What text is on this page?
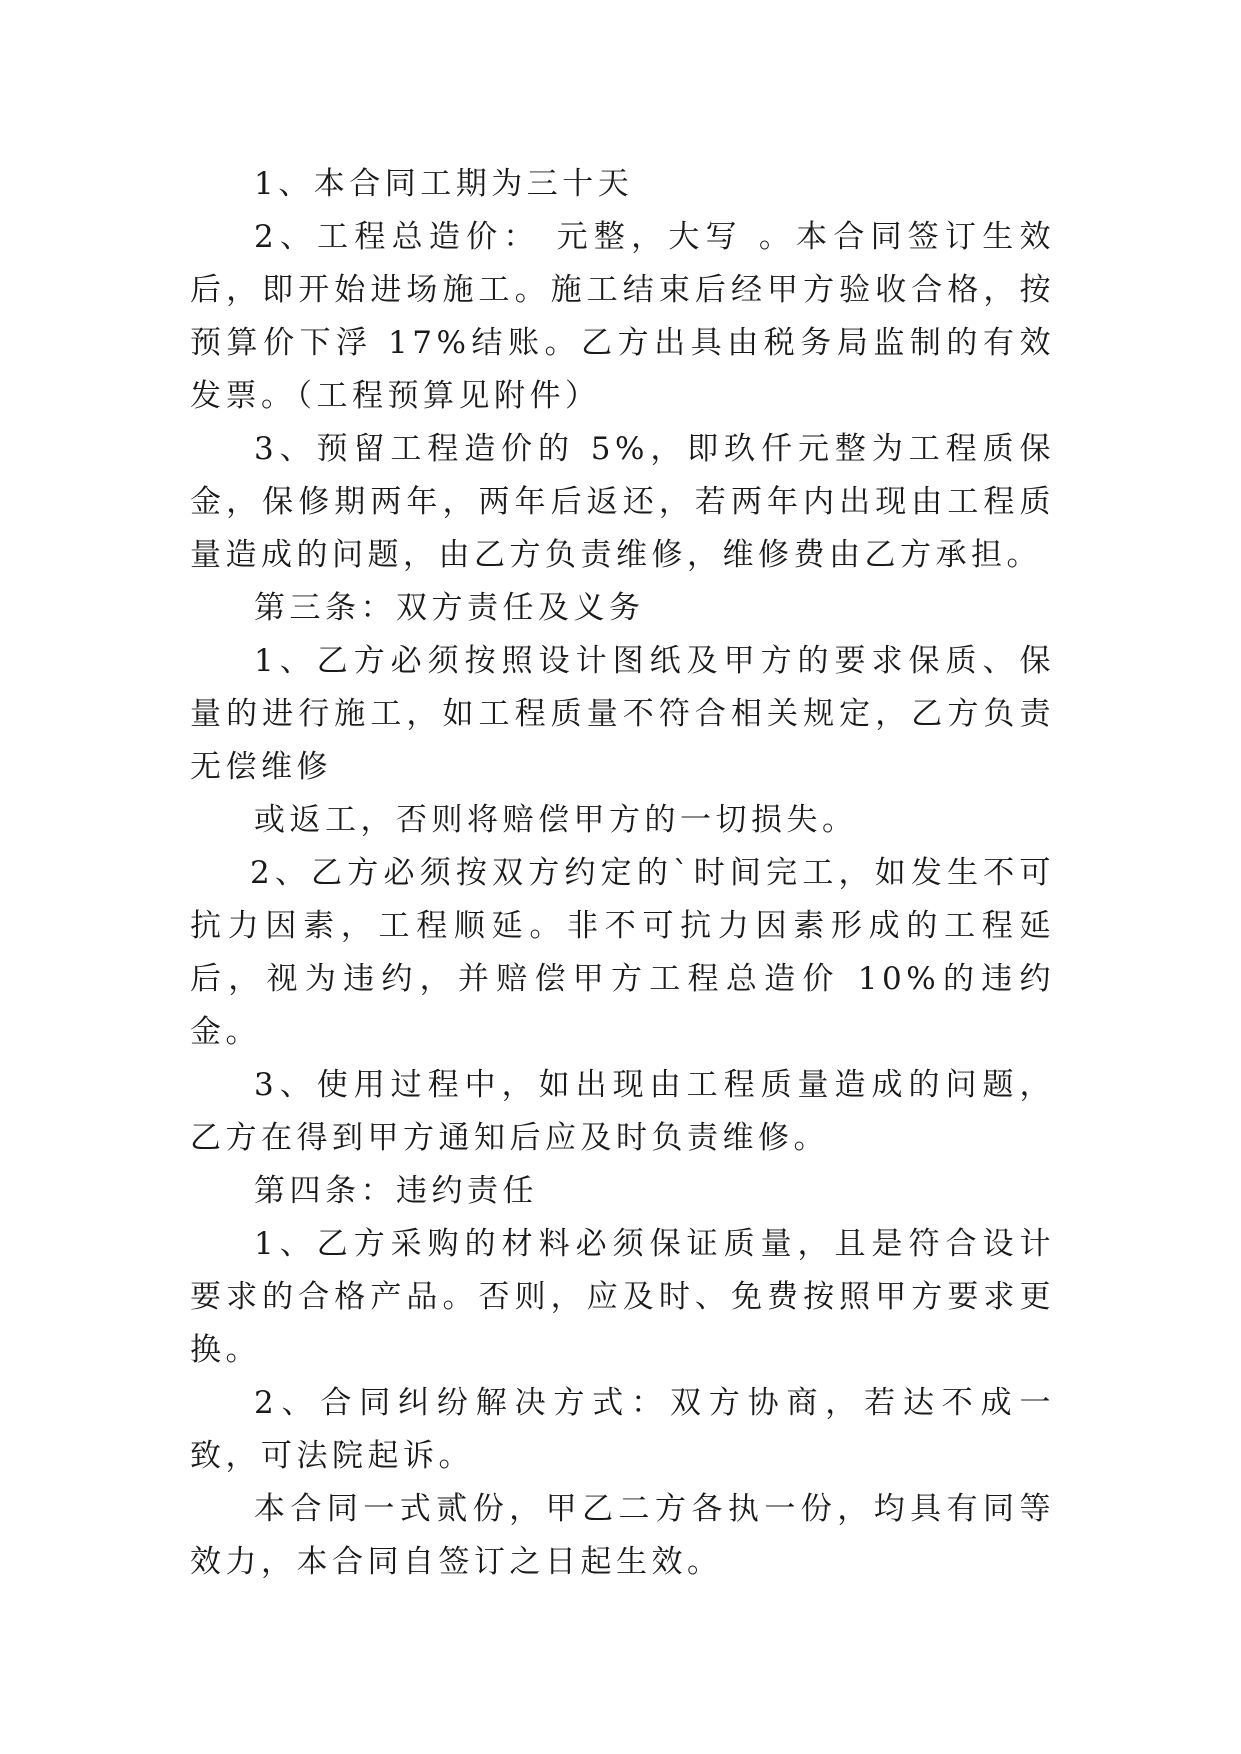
1、本合同工期为三十天

2、工程总造价： 元整，大写 。本合同签订生效后，即开始进场施工。施工结束后经甲方验收合格，按预算价下浮 17%结账。乙方出具由税务局监制的有效发票。（工程预算见附件）

3、预留工程造价的 5%，即玖仟元整为工程质保金，保修期两年，两年后返还，若两年内出现由工程质量造成的问题，由乙方负责维修，维修费由乙方承担。

第三条：双方责任及义务

1、乙方必须按照设计图纸及甲方的要求保质、保量的进行施工，如工程质量不符合相关规定，乙方负责无偿维修

或返工，否则将赔偿甲方的一切损失。

2、乙方必须按双方约定的`时间完工，如发生不可抗力因素，工程顺延。非不可抗力因素形成的工程延后，视为违约，并赔偿甲方工程总造价 10%的违约金。

3、使用过程中，如出现由工程质量造成的问题，乙方在得到甲方通知后应及时负责维修。

第四条：违约责任

1、乙方采购的材料必须保证质量，且是符合设计要求的合格产品。否则，应及时、免费按照甲方要求更换。

2、合同纠纷解决方式：双方协商，若达不成一致，可法院起诉。

本合同一式贰份，甲乙二方各执一份，均具有同等效力，本合同自签订之日起生效。
